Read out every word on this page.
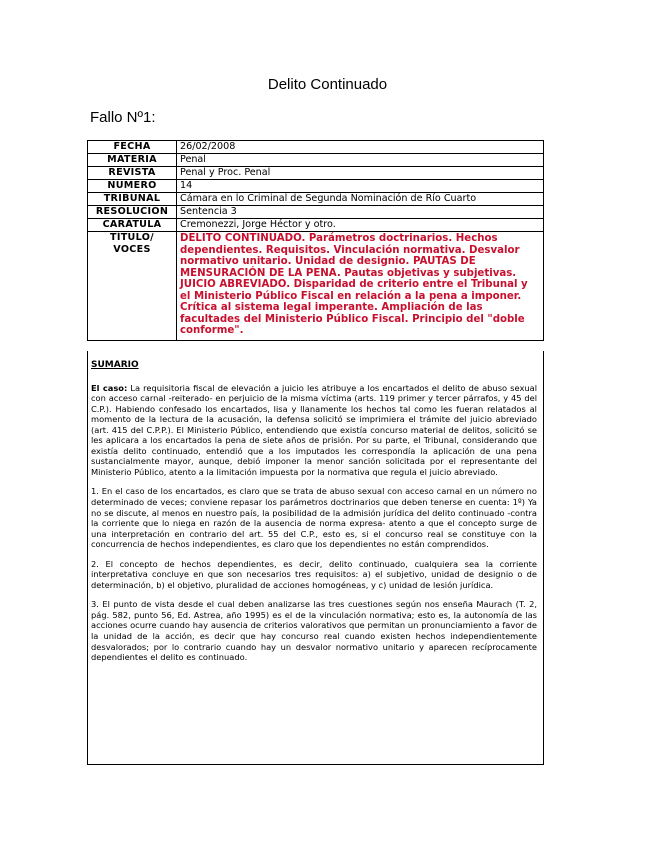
Delito Continuado
Fallo Nº1:
FECHA	26/02/2008
MATERIA	Penal
REVISTA	Penal y Proc. Penal
NÚMERO	14
TRIBUNAL	Cámara en lo Criminal de Segunda Nominación de Río Cuarto
RESOLUCIÓN	Sentencia 3
CARÁTULA	Cremonezzi, Jorge Héctor y otro.

TÍTULO/
VOCES	DELITO CONTINUADO. Parámetros doctrinarios. Hechos dependientes. Requisitos. Vinculación normativa. Desvalor normativo unitario. Unidad de designio. PAUTAS DE MENSURACIÓN DE LA PENA. Pautas objetivas y subjetivas. JUICIO ABREVIADO. Disparidad de criterio entre el Tribunal y el Ministerio Público Fiscal en relación a la pena a imponer. Crítica al sistema legal imperante. Ampliación de las facultades del Ministerio Público Fiscal. Principio del "doble conforme".
SUMARIO

El caso: La requisitoria fiscal de elevación a juicio les atribuye a los encartados el delito de abuso sexual con acceso carnal -reiterado- en perjuicio de la misma víctima (arts. 119 primer y tercer párrafos, y 45 del C.P.). Habiendo confesado los encartados, lisa y llanamente los hechos tal como les fueran relatados al momento de la lectura de la acusación, la defensa solicitó se imprimiera el trámite del juicio abreviado (art. 415 del C.P.P.). El Ministerio Público, entendiendo que existía concurso material de delitos, solicitó se les aplicara a los encartados la pena de siete años de prisión. Por su parte, el Tribunal, considerando que existía delito continuado, entendió que a los imputados les correspondía la aplicación de una pena sustancialmente mayor, aunque, debió imponer la menor sanción solicitada por el representante del Ministerio Público, atento a la limitación impuesta por la normativa que regula el juicio abreviado.

1. En el caso de los encartados, es claro que se trata de abuso sexual con acceso carnal en un número no determinado de veces; conviene repasar los parámetros doctrinarios que deben tenerse en cuenta: 1º) Ya no se discute, al menos en nuestro país, la posibilidad de la admisión jurídica del delito continuado -contra la corriente que lo niega en razón de la ausencia de norma expresa- atento a que el concepto surge de una interpretación en contrario del art. 55 del C.P., esto es, si el concurso real se constituye con la concurrencia de hechos independientes, es claro que los dependientes no están comprendidos.

2. El concepto de hechos dependientes, es decir, delito continuado, cualquiera sea la corriente interpretativa concluye en que son necesarios tres requisitos: a) el subjetivo, unidad de designio o de determinación, b) el objetivo, pluralidad de acciones homogéneas, y c) unidad de lesión jurídica.

3. El punto de vista desde el cual deben analizarse las tres cuestiones según nos enseña Maurach (T. 2, pág. 582, punto 56, Ed. Astrea, año 1995) es el de la vinculación normativa; esto es, la autonomía de las acciones ocurre cuando hay ausencia de criterios valorativos que permitan un pronunciamiento a favor de la unidad de la acción, es decir que hay concurso real cuando existen hechos independientemente desvalorados; por lo contrario cuando hay un desvalor normativo unitario y aparecen recíprocamente dependientes el delito es continuado.
